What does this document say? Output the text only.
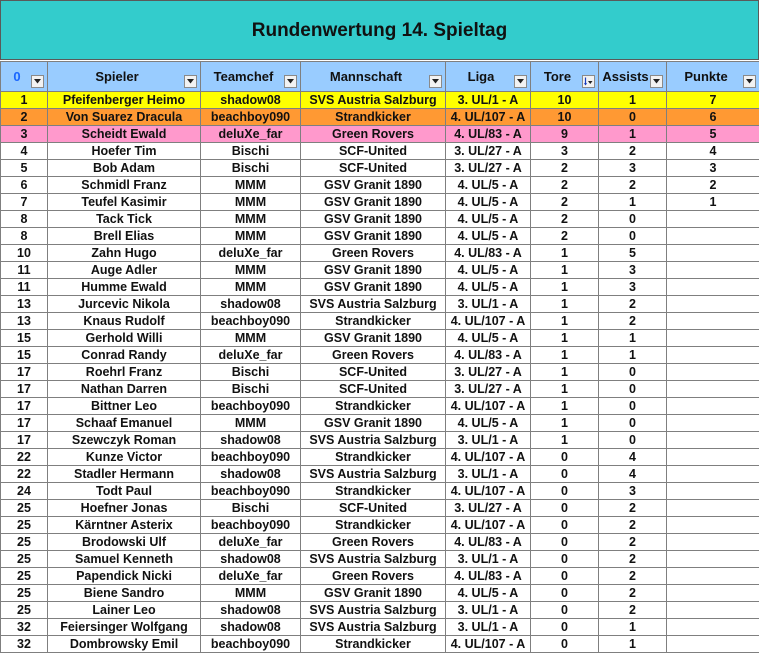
Rundenwertung 14. Spieltag
0	Spieler	Teamchef	Mannschaft	Liga	Tore	Assists	Punkte

1	Pfeifenberger Heimo	shadow08	SVS Austria Salzburg	3. UL/1 - A	10	1	7
2	Von Suarez Dracula	beachboy090	Strandkicker	4. UL/107 - A	10	0	6
3	Scheidt Ewald	deluXe_far	Green Rovers	4. UL/83 - A	9	1	5
4	Hoefer Tim	Bischi	SCF-United	3. UL/27 - A	3	2	4
5	Bob Adam	Bischi	SCF-United	3. UL/27 - A	2	3	3
6	Schmidl Franz	MMM	GSV Granit 1890	4. UL/5 - A	2	2	2
7	Teufel Kasimir	MMM	GSV Granit 1890	4. UL/5 - A	2	1	1
8	Tack Tick	MMM	GSV Granit 1890	4. UL/5 - A	2	0	
8	Brell Elias	MMM	GSV Granit 1890	4. UL/5 - A	2	0	
10	Zahn Hugo	deluXe_far	Green Rovers	4. UL/83 - A	1	5	
11	Auge Adler	MMM	GSV Granit 1890	4. UL/5 - A	1	3	
11	Humme Ewald	MMM	GSV Granit 1890	4. UL/5 - A	1	3	
13	Jurcevic Nikola	shadow08	SVS Austria Salzburg	3. UL/1 - A	1	2	
13	Knaus Rudolf	beachboy090	Strandkicker	4. UL/107 - A	1	2	
15	Gerhold Willi	MMM	GSV Granit 1890	4. UL/5 - A	1	1	
15	Conrad Randy	deluXe_far	Green Rovers	4. UL/83 - A	1	1	
17	Roehrl Franz	Bischi	SCF-United	3. UL/27 - A	1	0	
17	Nathan Darren	Bischi	SCF-United	3. UL/27 - A	1	0	
17	Bittner Leo	beachboy090	Strandkicker	4. UL/107 - A	1	0	
17	Schaaf Emanuel	MMM	GSV Granit 1890	4. UL/5 - A	1	0	
17	Szewczyk Roman	shadow08	SVS Austria Salzburg	3. UL/1 - A	1	0	
22	Kunze Victor	beachboy090	Strandkicker	4. UL/107 - A	0	4	
22	Stadler Hermann	shadow08	SVS Austria Salzburg	3. UL/1 - A	0	4	
24	Todt Paul	beachboy090	Strandkicker	4. UL/107 - A	0	3	
25	Hoefner Jonas	Bischi	SCF-United	3. UL/27 - A	0	2	
25	Kärntner Asterix	beachboy090	Strandkicker	4. UL/107 - A	0	2	
25	Brodowski Ulf	deluXe_far	Green Rovers	4. UL/83 - A	0	2	
25	Samuel Kenneth	shadow08	SVS Austria Salzburg	3. UL/1 - A	0	2	
25	Papendick Nicki	deluXe_far	Green Rovers	4. UL/83 - A	0	2	
25	Biene Sandro	MMM	GSV Granit 1890	4. UL/5 - A	0	2	
25	Lainer Leo	shadow08	SVS Austria Salzburg	3. UL/1 - A	0	2	
32	Feiersinger Wolfgang	shadow08	SVS Austria Salzburg	3. UL/1 - A	0	1	
32	Dombrowsky Emil	beachboy090	Strandkicker	4. UL/107 - A	0	1	
